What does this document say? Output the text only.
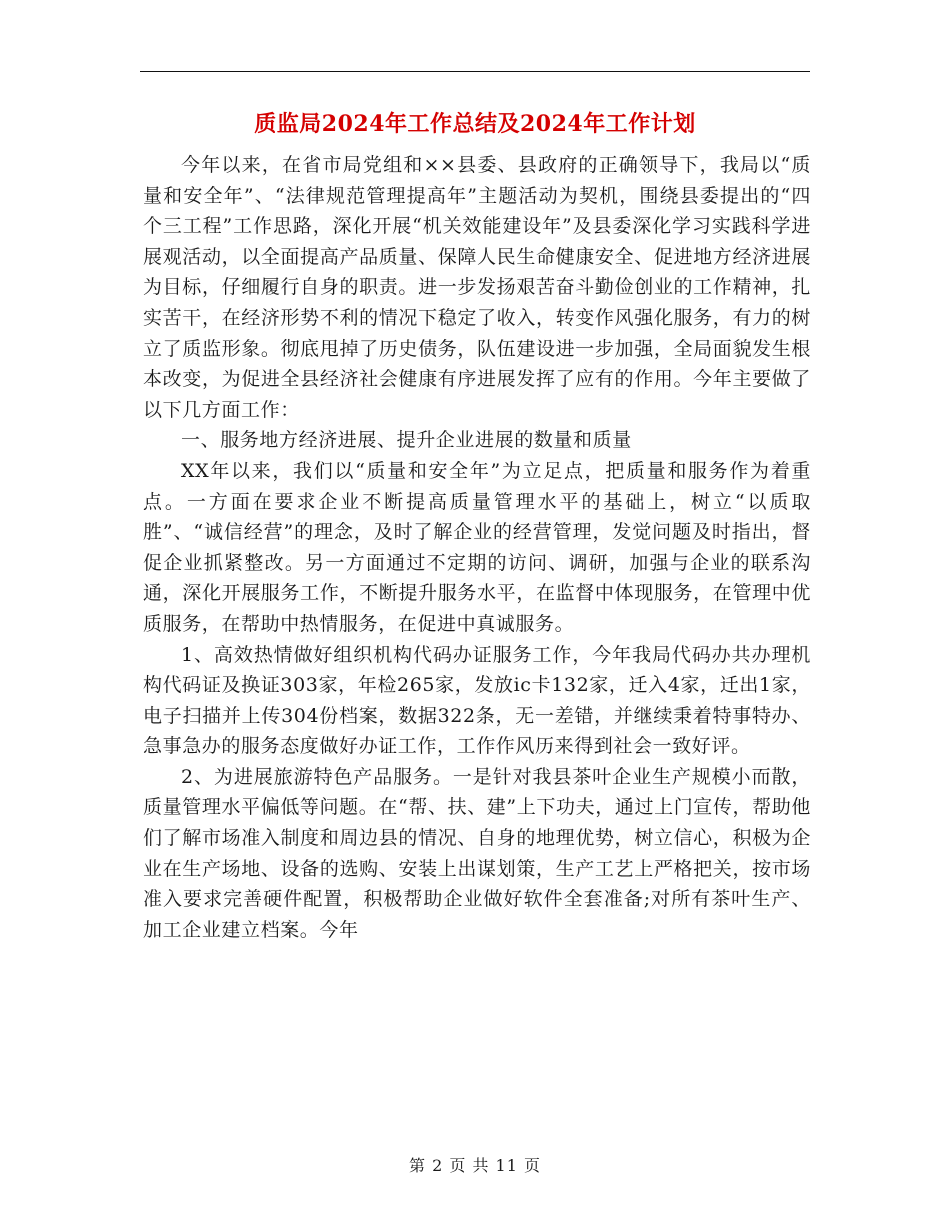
质监局2024年工作总结及2024年工作计划

今年以来，在省市局党组和××县委、县政府的正确领导下，我局以“质量和安全年”、“法律规范管理提高年”主题活动为契机，围绕县委提出的“四个三工程”工作思路，深化开展“机关效能建设年”及县委深化学习实践科学进展观活动，以全面提高产品质量、保障人民生命健康安全、促进地方经济进展为目标，仔细履行自身的职责。进一步发扬艰苦奋斗勤俭创业的工作精神，扎实苦干，在经济形势不利的情况下稳定了收入，转变作风强化服务，有力的树立了质监形象。彻底甩掉了历史债务，队伍建设进一步加强，全局面貌发生根本改变，为促进全县经济社会健康有序进展发挥了应有的作用。今年主要做了以下几方面工作：

一、服务地方经济进展、提升企业进展的数量和质量

XX年以来，我们以“质量和安全年”为立足点，把质量和服务作为着重点。一方面在要求企业不断提高质量管理水平的基础上，树立“以质取胜”、“诚信经营”的理念，及时了解企业的经营管理，发觉问题及时指出，督促企业抓紧整改。另一方面通过不定期的访问、调研，加强与企业的联系沟通，深化开展服务工作，不断提升服务水平，在监督中体现服务，在管理中优质服务，在帮助中热情服务，在促进中真诚服务。

1、高效热情做好组织机构代码办证服务工作，今年我局代码办共办理机构代码证及换证303家，年检265家，发放ic卡132家，迁入4家，迁出1家，电子扫描并上传304份档案，数据322条，无一差错，并继续秉着特事特办、急事急办的服务态度做好办证工作，工作作风历来得到社会一致好评。

2、为进展旅游特色产品服务。一是针对我县茶叶企业生产规模小而散，质量管理水平偏低等问题。在“帮、扶、建”上下功夫，通过上门宣传，帮助他们了解市场准入制度和周边县的情况、自身的地理优势，树立信心，积极为企业在生产场地、设备的选购、安装上出谋划策，生产工艺上严格把关，按市场准入要求完善硬件配置，积极帮助企业做好软件全套准备;对所有茶叶生产、加工企业建立档案。今年

第 2 页 共 11 页
